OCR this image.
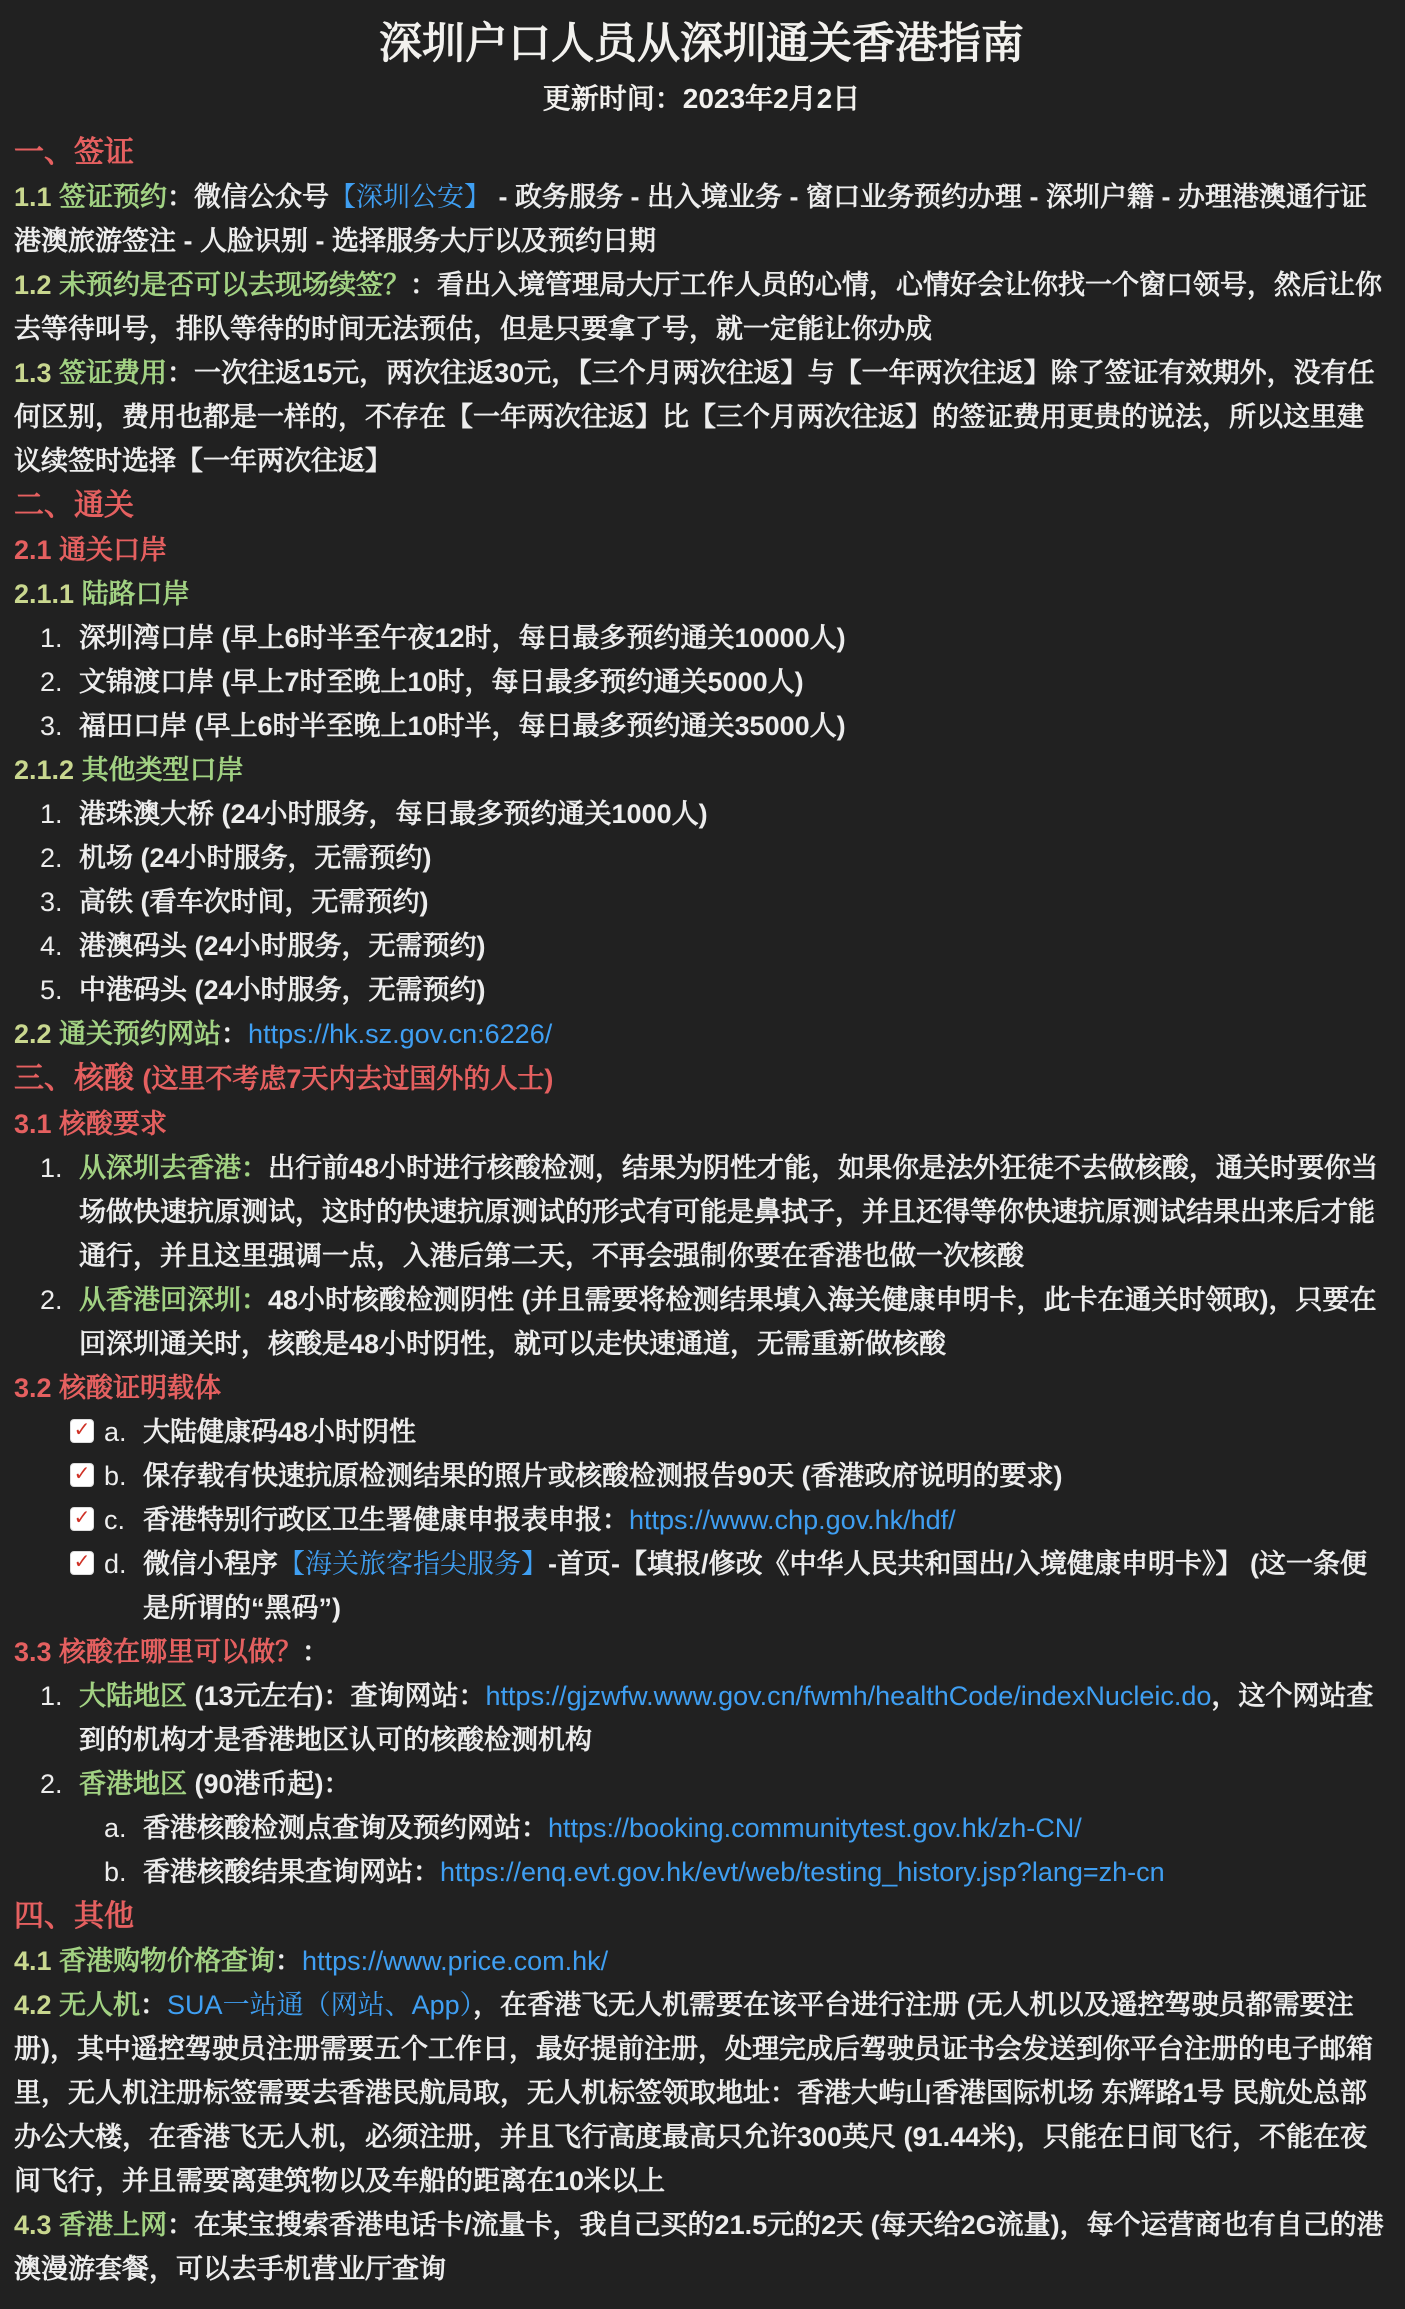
深圳户口人员从深圳通关香港指南
更新时间：2023年2月2日
一、签证
1.1 签证预约：微信公众号【深圳公安】 - 政务服务 - 出入境业务 - 窗口业务预约办理 - 深圳户籍 - 办理港澳通行证港澳旅游签注 - 人脸识别 - 选择服务大厅以及预约日期
1.2 未预约是否可以去现场续签？：看出入境管理局大厅工作人员的心情，心情好会让你找一个窗口领号，然后让你去等待叫号，排队等待的时间无法预估，但是只要拿了号，就一定能让你办成
1.3 签证费用：一次往返15元，两次往返30元，【三个月两次往返】与【一年两次往返】除了签证有效期外，没有任何区别，费用也都是一样的，不存在【一年两次往返】比【三个月两次往返】的签证费用更贵的说法，所以这里建议续签时选择【一年两次往返】
二、通关
2.1 通关口岸
2.1.1 陆路口岸
1. 深圳湾口岸 (早上6时半至午夜12时，每日最多预约通关10000人)
2. 文锦渡口岸 (早上7时至晚上10时，每日最多预约通关5000人)
3. 福田口岸 (早上6时半至晚上10时半，每日最多预约通关35000人)
2.1.2 其他类型口岸
1. 港珠澳大桥 (24小时服务，每日最多预约通关1000人)
2. 机场 (24小时服务，无需预约)
3. 高铁 (看车次时间，无需预约)
4. 港澳码头 (24小时服务，无需预约)
5. 中港码头 (24小时服务，无需预约)
2.2 通关预约网站：https://hk.sz.gov.cn:6226/
三、核酸 (这里不考虑7天内去过国外的人士)
3.1 核酸要求
1. 从深圳去香港：出行前48小时进行核酸检测，结果为阴性才能，如果你是法外狂徒不去做核酸，通关时要你当场做快速抗原测试，这时的快速抗原测试的形式有可能是鼻拭子，并且还得等你快速抗原测试结果出来后才能通行，并且这里强调一点，入港后第二天，不再会强制你要在香港也做一次核酸
2. 从香港回深圳：48小时核酸检测阴性 (并且需要将检测结果填入海关健康申明卡，此卡在通关时领取)，只要在回深圳通关时，核酸是48小时阴性，就可以走快速通道，无需重新做核酸
3.2 核酸证明载体
✓ a. 大陆健康码48小时阴性
✓ b. 保存载有快速抗原检测结果的照片或核酸检测报告90天 (香港政府说明的要求)
✓ c. 香港特别行政区卫生署健康申报表申报：https://www.chp.gov.hk/hdf/
✓ d. 微信小程序【海关旅客指尖服务】-首页-【填报/修改《中华人民共和国出/入境健康申明卡》】 (这一条便是所谓的“黑码”)
3.3 核酸在哪里可以做？：
1. 大陆地区 (13元左右)：查询网站：https://gjzwfw.www.gov.cn/fwmh/healthCode/indexNucleic.do，这个网站查到的机构才是香港地区认可的核酸检测机构
2. 香港地区 (90港币起)：
a. 香港核酸检测点查询及预约网站：https://booking.communitytest.gov.hk/zh-CN/
b. 香港核酸结果查询网站：https://enq.evt.gov.hk/evt/web/testing_history.jsp?lang=zh-cn
四、其他
4.1 香港购物价格查询：https://www.price.com.hk/
4.2 无人机：SUA一站通（网站、App），在香港飞无人机需要在该平台进行注册 (无人机以及遥控驾驶员都需要注册)，其中遥控驾驶员注册需要五个工作日，最好提前注册，处理完成后驾驶员证书会发送到你平台注册的电子邮箱里，无人机注册标签需要去香港民航局取，无人机标签领取地址：香港大屿山香港国际机场 东辉路1号 民航处总部办公大楼，在香港飞无人机，必须注册，并且飞行高度最高只允许300英尺 (91.44米)，只能在日间飞行，不能在夜间飞行，并且需要离建筑物以及车船的距离在10米以上
4.3 香港上网：在某宝搜索香港电话卡/流量卡，我自己买的21.5元的2天 (每天给2G流量)，每个运营商也有自己的港澳漫游套餐，可以去手机营业厅查询
